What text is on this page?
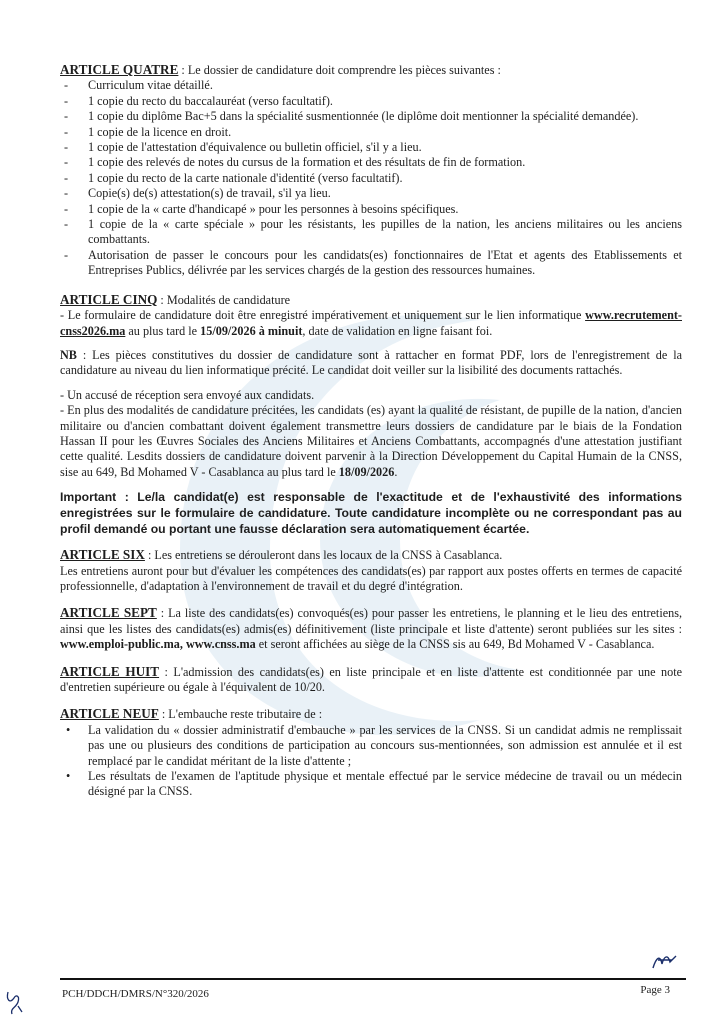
ARTICLE QUATRE : Le dossier de candidature doit comprendre les pièces suivantes :

- Curriculum vitae détaillé.
- 1 copie du recto du baccalauréat (verso facultatif).
- 1 copie du diplôme Bac+5 dans la spécialité susmentionnée (le diplôme doit mentionner la spécialité demandée).
- 1 copie de la licence en droit.
- 1 copie de l'attestation d'équivalence ou bulletin officiel, s'il y a lieu.
- 1 copie des relevés de notes du cursus de la formation et des résultats de fin de formation.
- 1 copie du recto de la carte nationale d'identité (verso facultatif).
- Copie(s) de(s) attestation(s) de travail, s'il ya lieu.
- 1 copie de la « carte d'handicapé » pour les personnes à besoins spécifiques.
- 1 copie de la « carte spéciale » pour les résistants, les pupilles de la nation, les anciens militaires ou les anciens combattants.
- Autorisation de passer le concours pour les candidats(es) fonctionnaires de l'Etat et agents des Etablissements et Entreprises Publics, délivrée par les services chargés de la gestion des ressources humaines.

ARTICLE CINQ : Modalités de candidature

- Le formulaire de candidature doit être enregistré impérativement et uniquement sur le lien informatique www.recrutement-cnss2026.ma au plus tard le 15/09/2026 à minuit, date de validation en ligne faisant foi.

NB : Les pièces constitutives du dossier de candidature sont à rattacher en format PDF, lors de l'enregistrement de la candidature au niveau du lien informatique précité. Le candidat doit veiller sur la lisibilité des documents rattachés.

- Un accusé de réception sera envoyé aux candidats.

- En plus des modalités de candidature précitées, les candidats (es) ayant la qualité de résistant, de pupille de la nation, d'ancien militaire ou d'ancien combattant doivent également transmettre leurs dossiers de candidature par le biais de la Fondation Hassan II pour les Œuvres Sociales des Anciens Militaires et Anciens Combattants, accompagnés d'une attestation justifiant cette qualité. Lesdits dossiers de candidature doivent parvenir à la Direction Développement du Capital Humain de la CNSS, sise au 649, Bd Mohamed V - Casablanca au plus tard le 18/09/2026.

Important : Le/la candidat(e) est responsable de l'exactitude et de l'exhaustivité des informations enregistrées sur le formulaire de candidature. Toute candidature incomplète ou ne correspondant pas au profil demandé ou portant une fausse déclaration sera automatiquement écartée.

ARTICLE SIX : Les entretiens se dérouleront dans les locaux de la CNSS à Casablanca.

Les entretiens auront pour but d'évaluer les compétences des candidats(es) par rapport aux postes offerts en termes de capacité professionnelle, d'adaptation à l'environnement de travail et du degré d'intégration.

ARTICLE SEPT : La liste des candidats(es) convoqués(es) pour passer les entretiens, le planning et le lieu des entretiens, ainsi que les listes des candidats(es) admis(es) définitivement (liste principale et liste d'attente) seront publiées sur les sites : www.emploi-public.ma, www.cnss.ma et seront affichées au siège de la CNSS sis au 649, Bd Mohamed V - Casablanca.

ARTICLE HUIT : L'admission des candidats(es) en liste principale et en liste d'attente est conditionnée par une note d'entretien supérieure ou égale à l'équivalent de 10/20.

ARTICLE NEUF : L'embauche reste tributaire de :

• La validation du « dossier administratif d'embauche » par les services de la CNSS. Si un candidat admis ne remplissait pas une ou plusieurs des conditions de participation au concours sus-mentionnées, son admission est annulée et il est remplacé par le candidat méritant de la liste d'attente ;
• Les résultats de l'examen de l'aptitude physique et mentale effectué par le service médecine de travail ou un médecin désigné par la CNSS.
PCH/DDCH/DMRS/N°320/2026	Page 3
